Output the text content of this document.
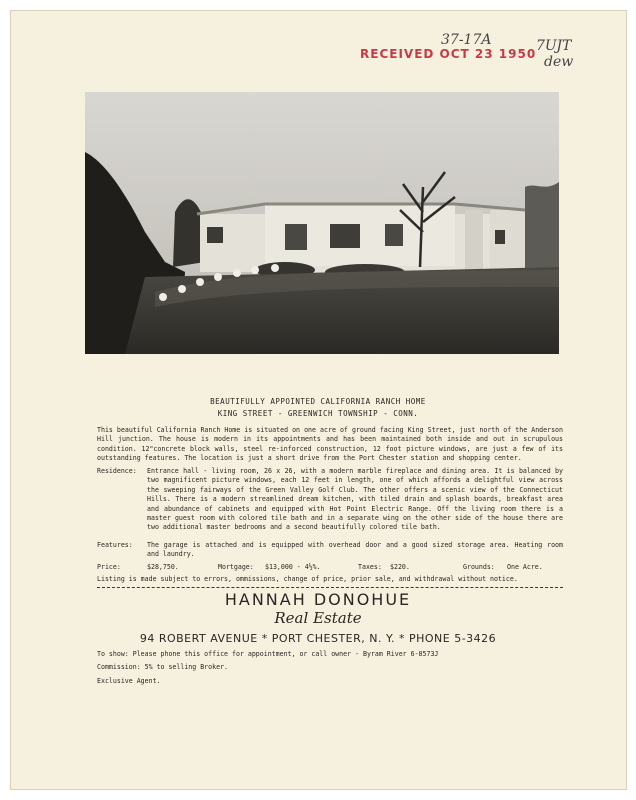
RECEIVED OCT 23 1950
37-17A	7UJT
dew
BEAUTIFULLY APPOINTED CALIFORNIA RANCH HOME
KING STREET - GREENWICH TOWNSHIP - CONN.
This beautiful California Ranch Home is situated on one acre of ground facing King Street, just north of the Anderson Hill junction. The house is modern in its appointments and has been maintained both inside and out in scrupulous condition. 12"concrete block walls, steel re-inforced construction, 12 foot picture windows, are just a few of its outstanding features. The location is just a short drive from the Port Chester station and shopping center.
Residence: Entrance hall - living room, 26 x 26, with a modern marble fireplace and dining area. It is balanced by two magnificent picture windows, each 12 feet in length, one of which affords a delightful view across the sweeping fairways of the Green Valley Golf Club. The other offers a scenic view of the Connecticut Hills. There is a modern streamlined dream kitchen, with tiled drain and splash boards, breakfast area and abundance of cabinets and equipped with Hot Point Electric Range. Off the living room there is a master guest room with colored tile bath and in a separate wing on the other side of the house there are two additional master bedrooms and a second beautifully colored tile bath.
Features: The garage is attached and is equipped with overhead door and a good sized storage area. Heating room and laundry.
Price:	$28,750.	Mortgage: $13,000 - 4½%.	Taxes: $220.	Grounds: One Acre.
Listing is made subject to errors, ommissions, change of price, prior sale, and withdrawal without notice.
HANNAH DONOHUE
Real Estate
94 ROBERT AVENUE * PORT CHESTER, N. Y. * PHONE 5-3426
To show: Please phone this office for appointment, or call owner - Byram River 6-8573J
Commission: 5% to selling Broker.
Exclusive Agent.
